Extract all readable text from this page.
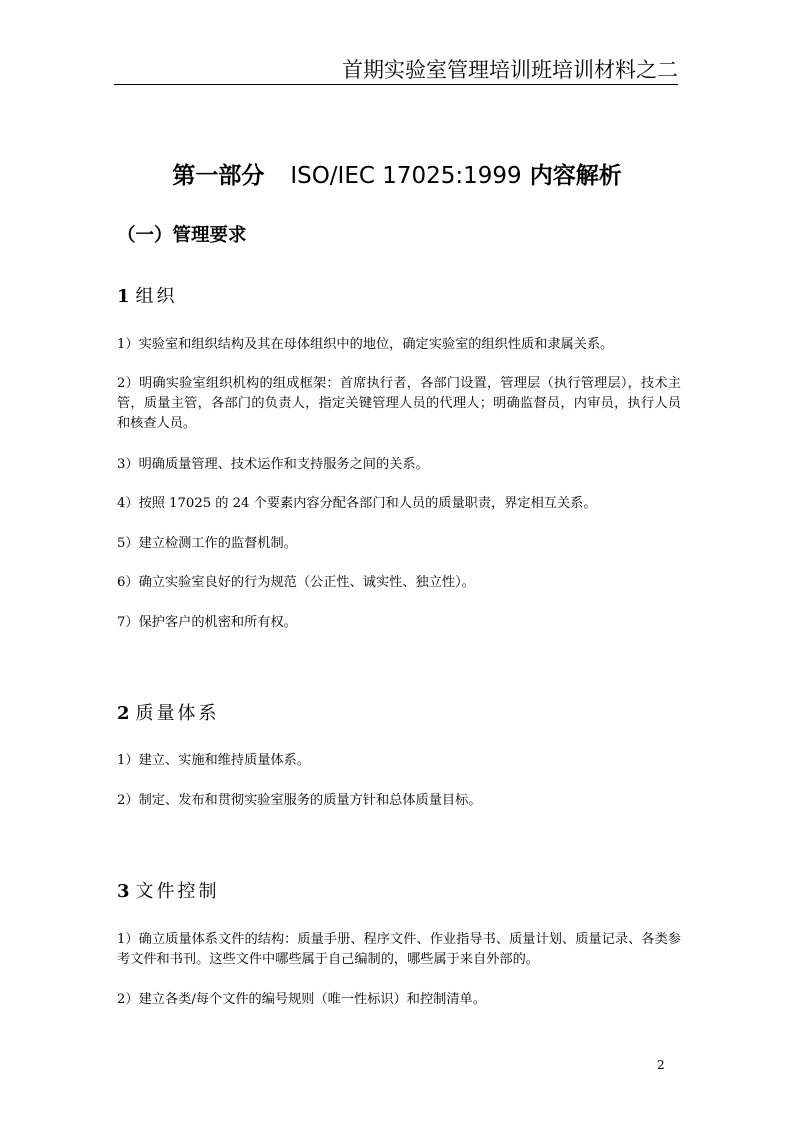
首期实验室管理培训班培训材料之二
第一部分 ISO/IEC 17025:1999 内容解析
（一）管理要求
1 组织
1）实验室和组织结构及其在母体组织中的地位，确定实验室的组织性质和隶属关系。
2）明确实验室组织机构的组成框架：首席执行者，各部门设置，管理层（执行管理层），技术主管，质量主管，各部门的负责人，指定关键管理人员的代理人；明确监督员，内审员，执行人员和核查人员。
3）明确质量管理、技术运作和支持服务之间的关系。
4）按照 17025 的 24 个要素内容分配各部门和人员的质量职责，界定相互关系。
5）建立检测工作的监督机制。
6）确立实验室良好的行为规范（公正性、诚实性、独立性）。
7）保护客户的机密和所有权。
2 质量体系
1）建立、实施和维持质量体系。
2）制定、发布和贯彻实验室服务的质量方针和总体质量目标。
3 文件控制
1）确立质量体系文件的结构：质量手册、程序文件、作业指导书、质量计划、质量记录、各类参考文件和书刊。这些文件中哪些属于自己编制的，哪些属于来自外部的。
2）建立各类/每个文件的编号规则（唯一性标识）和控制清单。
2
